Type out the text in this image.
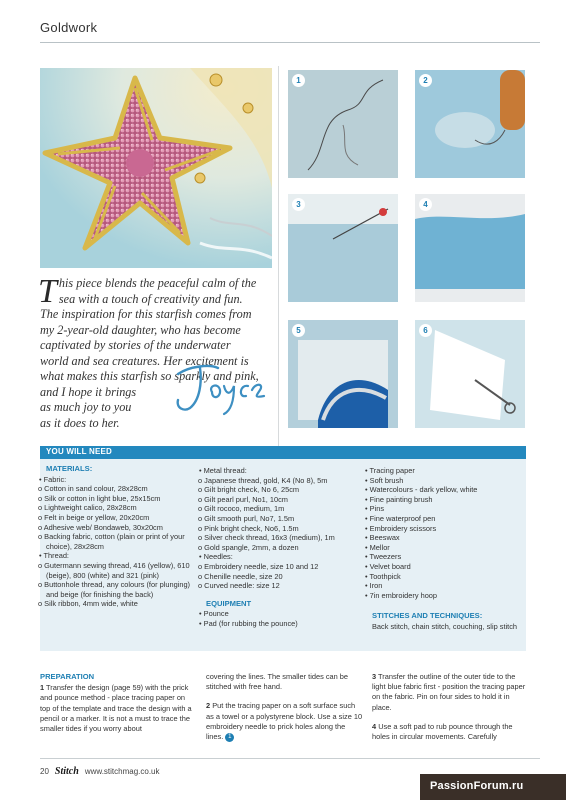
Goldwork
1	2
3	4
5	6
T his piece blends the peaceful calm of the

sea with a touch of creativity and fun.

The inspiration for this starfish comes from

my 2-year-old daughter, who has become

captivated by stories of the underwater

world and sea creatures. Her excitement is

what makes this starfish so sparkly and pink,

and I hope it brings

as much joy to you

as it does to her.

YOU WILL NEED
MATERIALS:
• Fabric:
o Cotton in sand colour, 28x28cm
o Silk or cotton in light blue, 25x15cm
o Lightweight calico, 28x28cm
o Felt in beige or yellow, 20x20cm
o Adhesive web/ Bondaweb, 30x20cm
o Backing fabric, cotton (plain or print of your choice), 28x28cm
• Thread:
o Gutermann sewing thread, 416 (yellow), 610 (beige), 800 (white) and 321 (pink)
o Buttonhole thread, any colours (for plunging) and beige (for finishing the back)
o Silk ribbon, 4mm wide, white
• Metal thread:
o Japanese thread, gold, K4 (No 8), 5m
o Gilt bright check, No 6, 25cm
o Gilt pearl purl, No1, 10cm
o Gilt rococo, medium, 1m
o Gilt smooth purl, No7, 1.5m
o Pink bright check, No6, 1.5m
o Silver check thread, 16x3 (medium), 1m
o Gold spangle, 2mm, a dozen
• Needles:
o Embroidery needle, size 10 and 12
o Chenille needle, size 20
o Curved needle: size 12
EQUIPMENT
• Pounce
• Pad (for rubbing the pounce)
• Tracing paper
• Soft brush
• Watercolours - dark yellow, white
• Fine painting brush
• Pins
• Fine waterproof pen
• Embroidery scissors
• Beeswax
• Mellor
• Tweezers
• Velvet board
• Toothpick
• Iron
• 7in embroidery hoop
STITCHES AND TECHNIQUES:
Back stitch, chain stitch, couching, slip stitch
PREPARATION

1 Transfer the design (page 59) with the prick and pounce method - place tracing paper on top of the template and trace the design with a pencil or a marker. It is not a must to trace the smaller tides if you worry about

covering the lines. The smaller tides can be stitched with free hand.

2 Put the tracing paper on a soft surface such as a towel or a polystyrene block. Use a size 10 embroidery needle to prick holes along the lines. 1

3 Transfer the outline of the outer tide to the light blue fabric first - position the tracing paper on the fabric. Pin on four sides to hold it in place.

4 Use a soft pad to rub pounce through the holes in circular movements. Carefully

20 Stitch www.stitchmag.co.uk
PassionForum.ru
